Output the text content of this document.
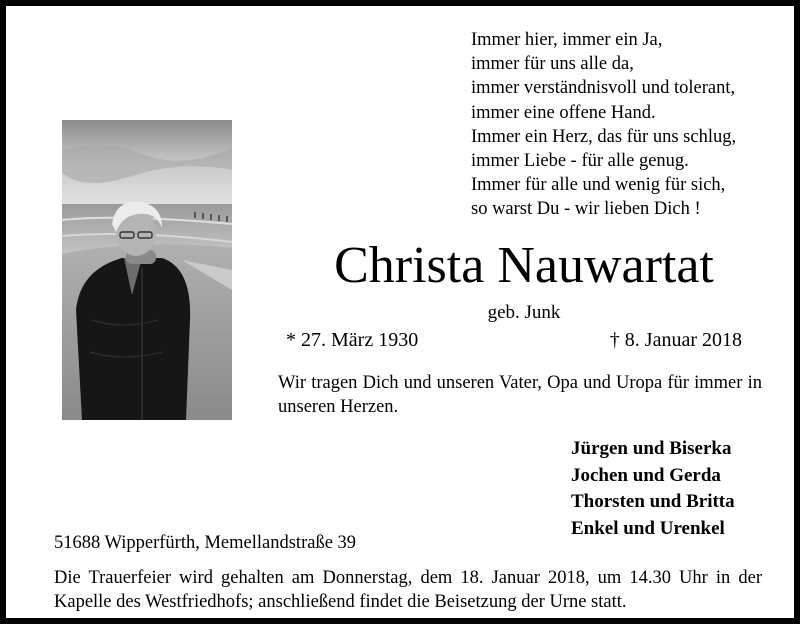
Immer hier, immer ein Ja,
immer für uns alle da,
immer verständnisvoll und tolerant,
immer eine offene Hand.
Immer ein Herz, das für uns schlug,
immer Liebe - für alle genug.
Immer für alle und wenig für sich,
so warst Du - wir lieben Dich !
Christa Nauwartat
geb. Junk
* 27. März 1930	† 8. Januar 2018
Wir tragen Dich und unseren Vater, Opa und Uropa für immer in unseren Herzen.
Jürgen und Biserka
Jochen und Gerda
Thorsten und Britta
Enkel und Urenkel
51688 Wipperfürth, Memellandstraße 39
Die Trauerfeier wird gehalten am Donnerstag, dem 18. Januar 2018, um 14.30 Uhr in der Kapelle des Westfriedhofs; anschließend findet die Beisetzung der Urne statt.
